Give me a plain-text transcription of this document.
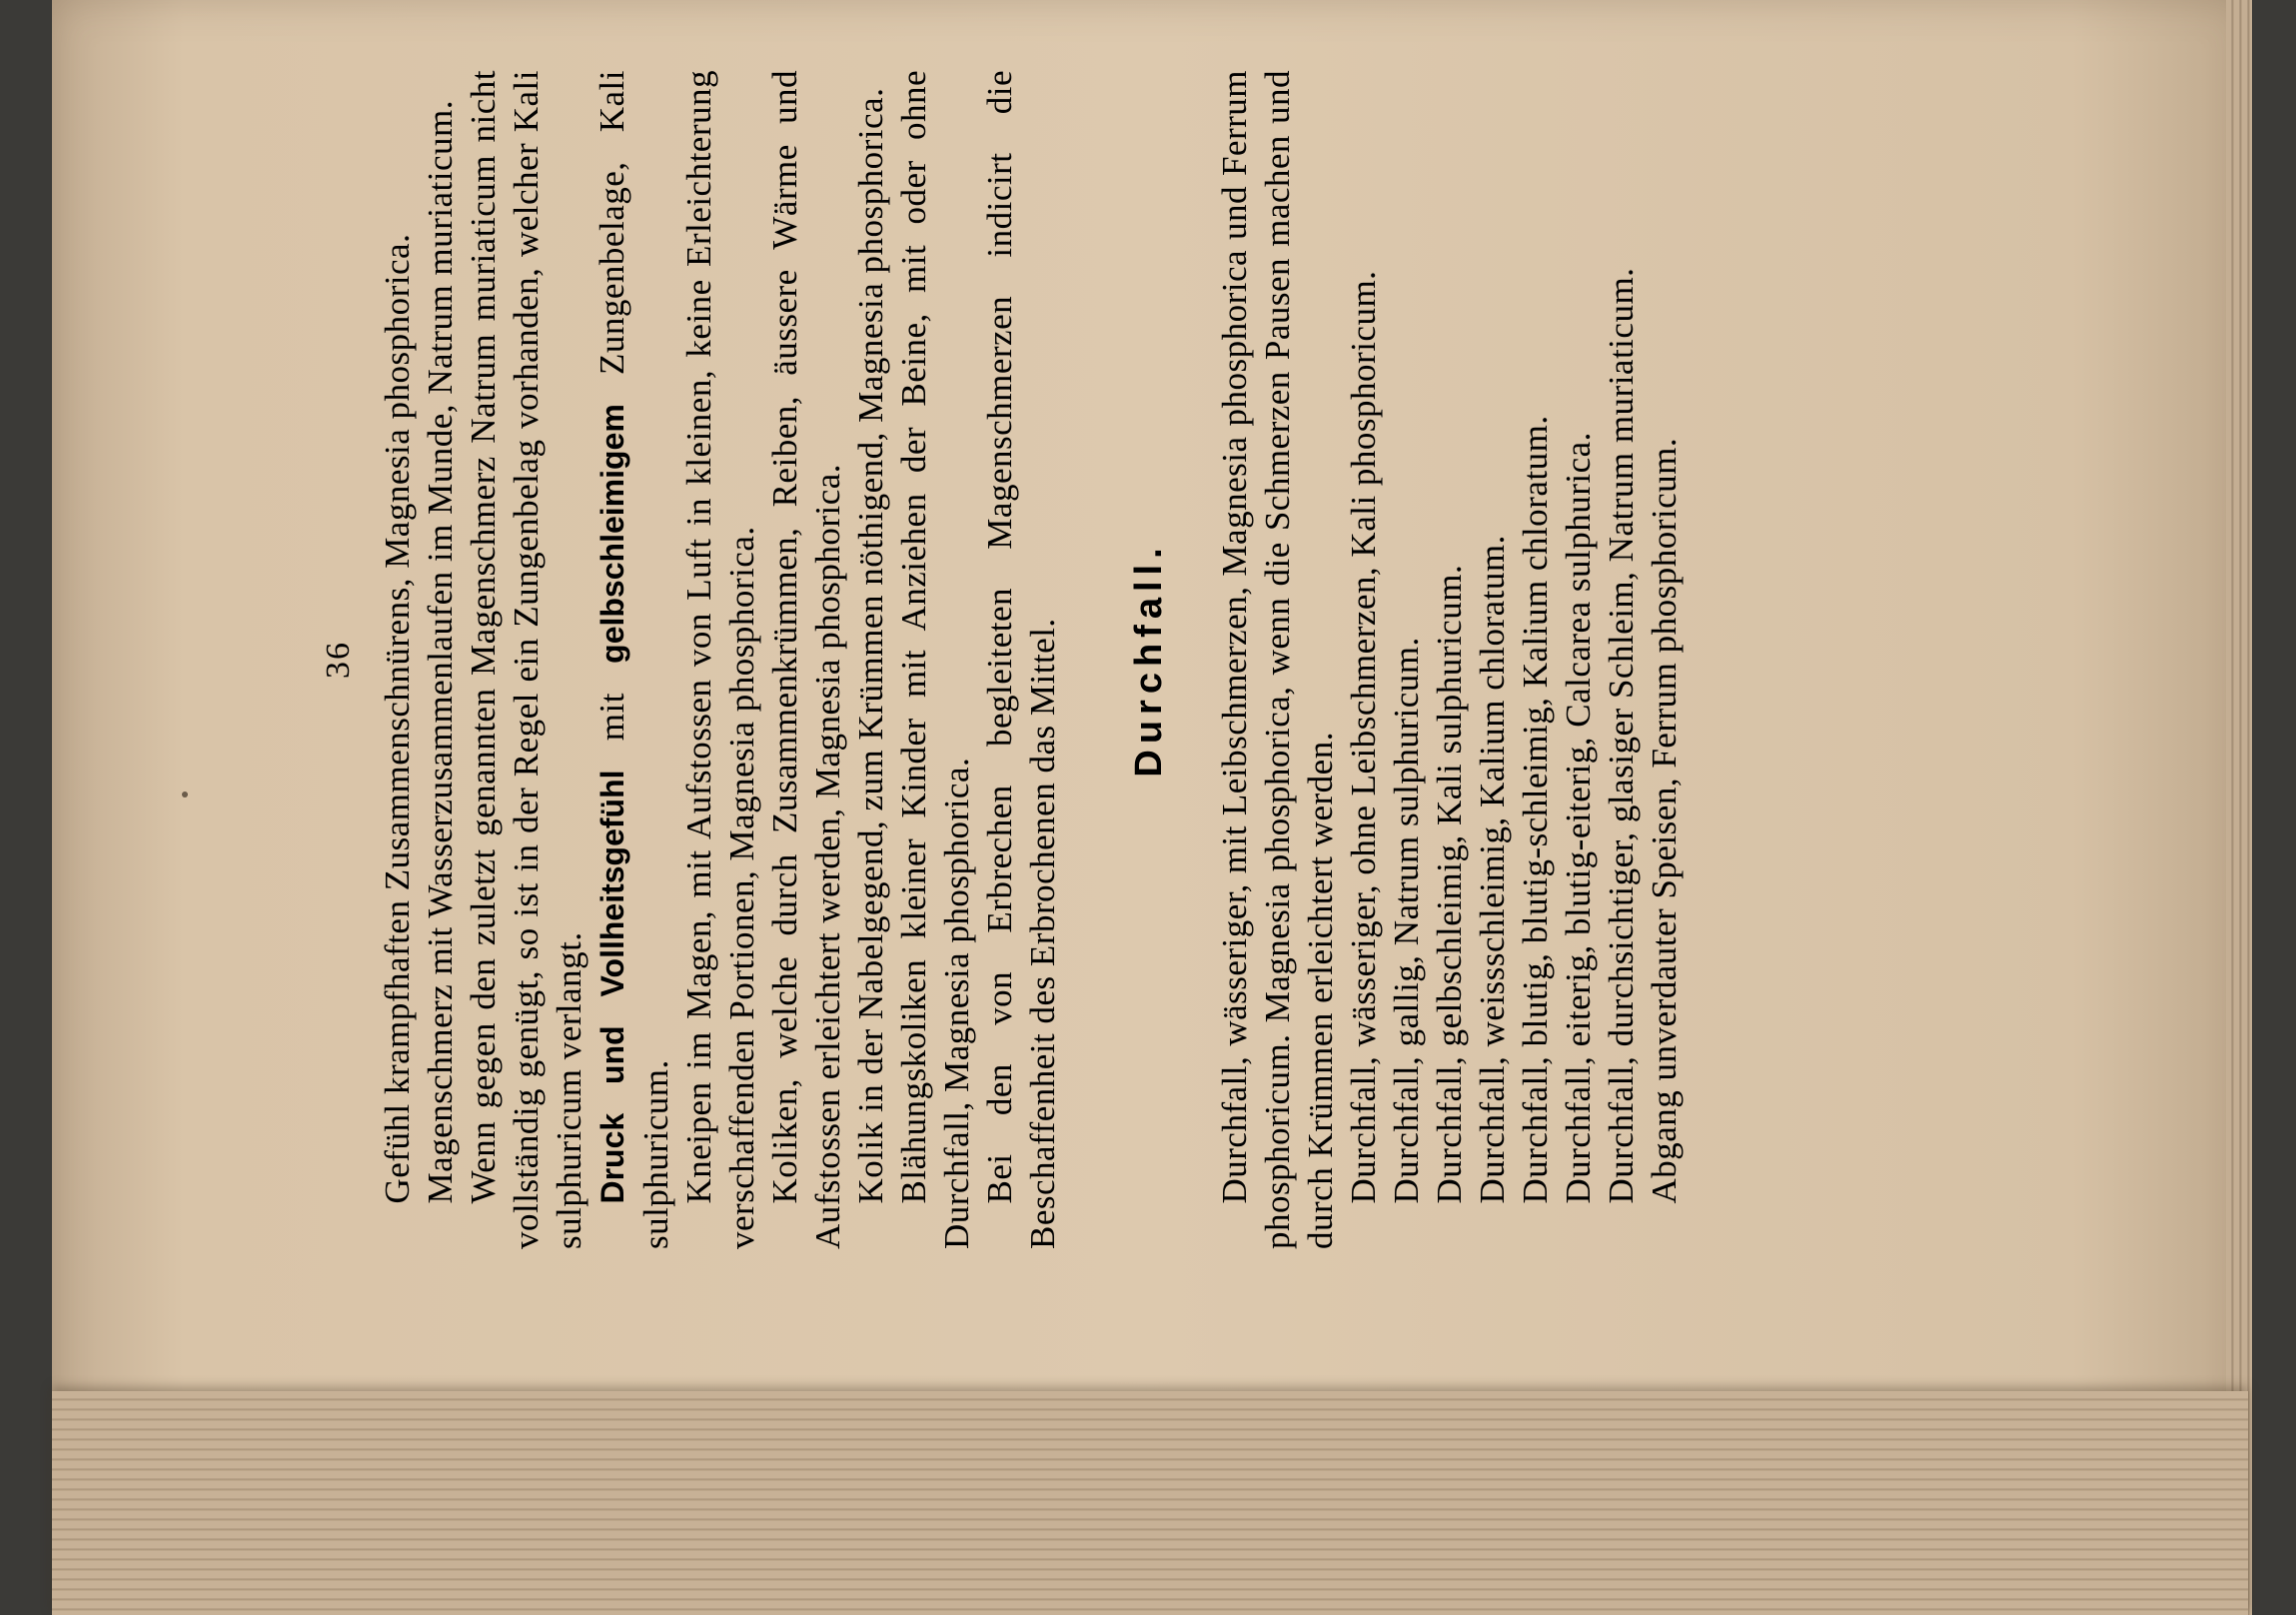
36 Gefühl krampfhaften Zusammenschnürens, Magnesia phosphorica. Magenschmerz mit Wasserzusammenlaufen im Munde, Natrum muriaticum. Wenn gegen den zuletzt genannten Magenschmerz Natrum muriaticum nicht vollständig genügt, so ist in der Regel ein Zungenbelag vorhanden, welcher Kali sulphuricum verlangt. Druck und Vollheitsgefühl mit gelbschleimigem Zungenbelage, Kali sulphuricum. Kneipen im Magen, mit Aufstossen von Luft in kleinen, keine Erleichterung verschaffenden Portionen, Magnesia phosphorica. Koliken, welche durch Zusammenkrümmen, Reiben, äussere Wärme und Aufstossen erleichtert werden, Magnesia phosphorica. Kolik in der Nabelgegend, zum Krümmen nöthigend, Magnesia phosphorica. Blähungskoliken kleiner Kinder mit Anziehen der Beine, mit oder ohne Durchfall, Magnesia phosphorica. Bei den von Erbrechen begleiteten Magenschmerzen indicirt die Beschaffenheit des Erbrochenen das Mittel. Durchfall. Durchfall, wässeriger, mit Leibschmerzen, Magnesia phosphorica und Ferrum phosphoricum. Magnesia phosphorica, wenn die Schmerzen Pausen machen und durch Krümmen erleichtert werden. Durchfall, wässeriger, ohne Leibschmerzen, Kali phosphoricum. Durchfall, gallig, Natrum sulphuricum. Durchfall, gelbschleimig, Kali sulphuricum. Durchfall, weissschleimig, Kalium chloratum. Durchfall, blutig, blutig-schleimig, Kalium chloratum. Durchfall, eiterig, blutig-eiterig, Calcarea sulphurica. Durchfall, durchsichtiger, glasiger Schleim, Natrum muriaticum. Abgang unverdauter Speisen, Ferrum phosphoricum.
